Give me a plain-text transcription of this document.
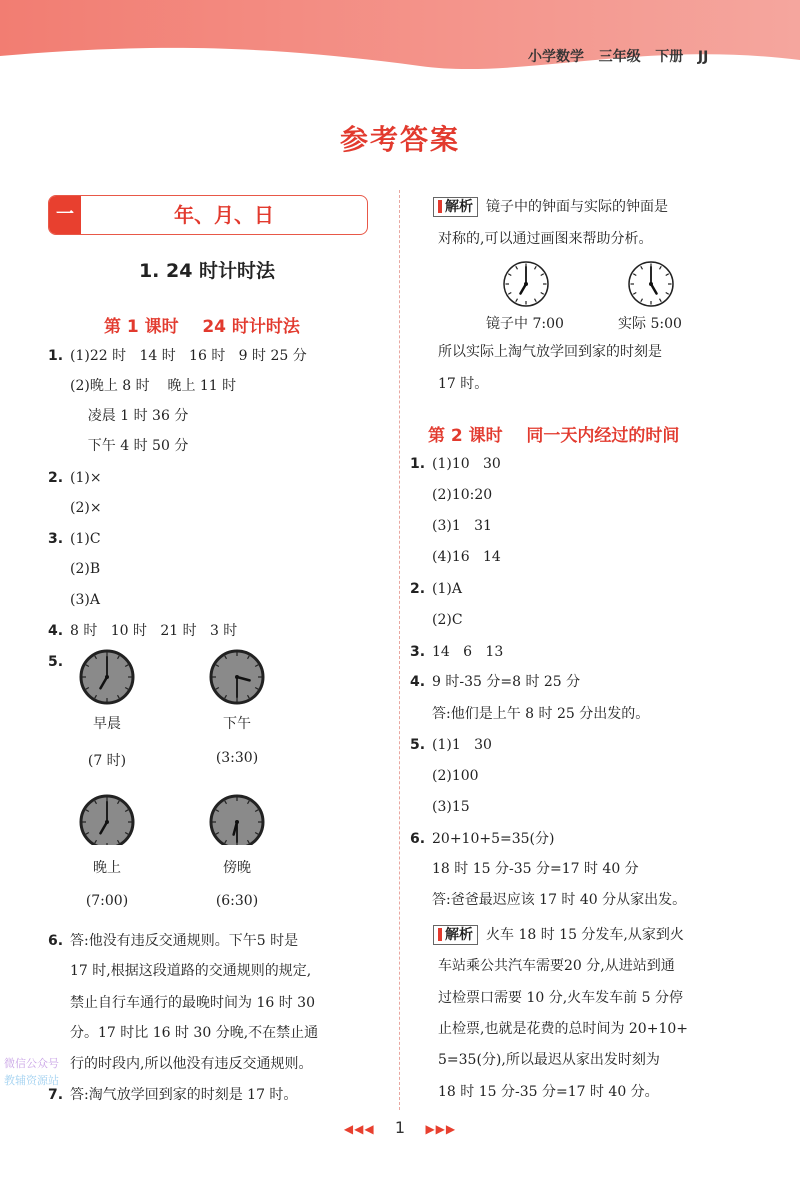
小学数学 三年级 下册 JJ
参考答案
一	年、月、日
1. 24 时计时法
第 1 课时    24 时计时法
1. (1)22 时   14 时   16 时   9 时 25 分
(2)晚上 8 时    晚上 11 时
凌晨 1 时 36 分
下午 4 时 50 分
2. (1)×
(2)×
3. (1)C
(2)B
(3)A
4. 8 时   10 时   21 时   3 时
5.
早晨
(7 时)
下午
(3:30)
晚上
(7:00)
傍晚
(6:30)
6. 答:他没有违反交通规则。下午5 时是
17 时,根据这段道路的交通规则的规定,
禁止自行车通行的最晚时间为 16 时 30
分。17 时比 16 时 30 分晚,不在禁止通
行的时段内,所以他没有违反交通规则。
7. 答:淘气放学回到家的时刻是 17 时。
解析 镜子中的钟面与实际的钟面是
对称的,可以通过画图来帮助分析。
镜子中 7:00	实际 5:00
所以实际上淘气放学回到家的时刻是
17 时。
第 2 课时    同一天内经过的时间
1. (1)10   30
(2)10:20
(3)1   31
(4)16   14
2. (1)A
(2)C
3. 14   6   13
4. 9 时-35 分=8 时 25 分
答:他们是上午 8 时 25 分出发的。
5. (1)1   30
(2)100
(3)15
6. 20+10+5=35(分)
18 时 15 分-35 分=17 时 40 分
答:爸爸最迟应该 17 时 40 分从家出发。
解析 火车 18 时 15 分发车,从家到火
车站乘公共汽车需要20 分,从进站到通
过检票口需要 10 分,火车发车前 5 分停
止检票,也就是花费的总时间为 20+10+
5=35(分),所以最迟从家出发时刻为
18 时 15 分-35 分=17 时 40 分。
◀◀◀ 1 ▶▶▶
微信公众号
教辅资源站
